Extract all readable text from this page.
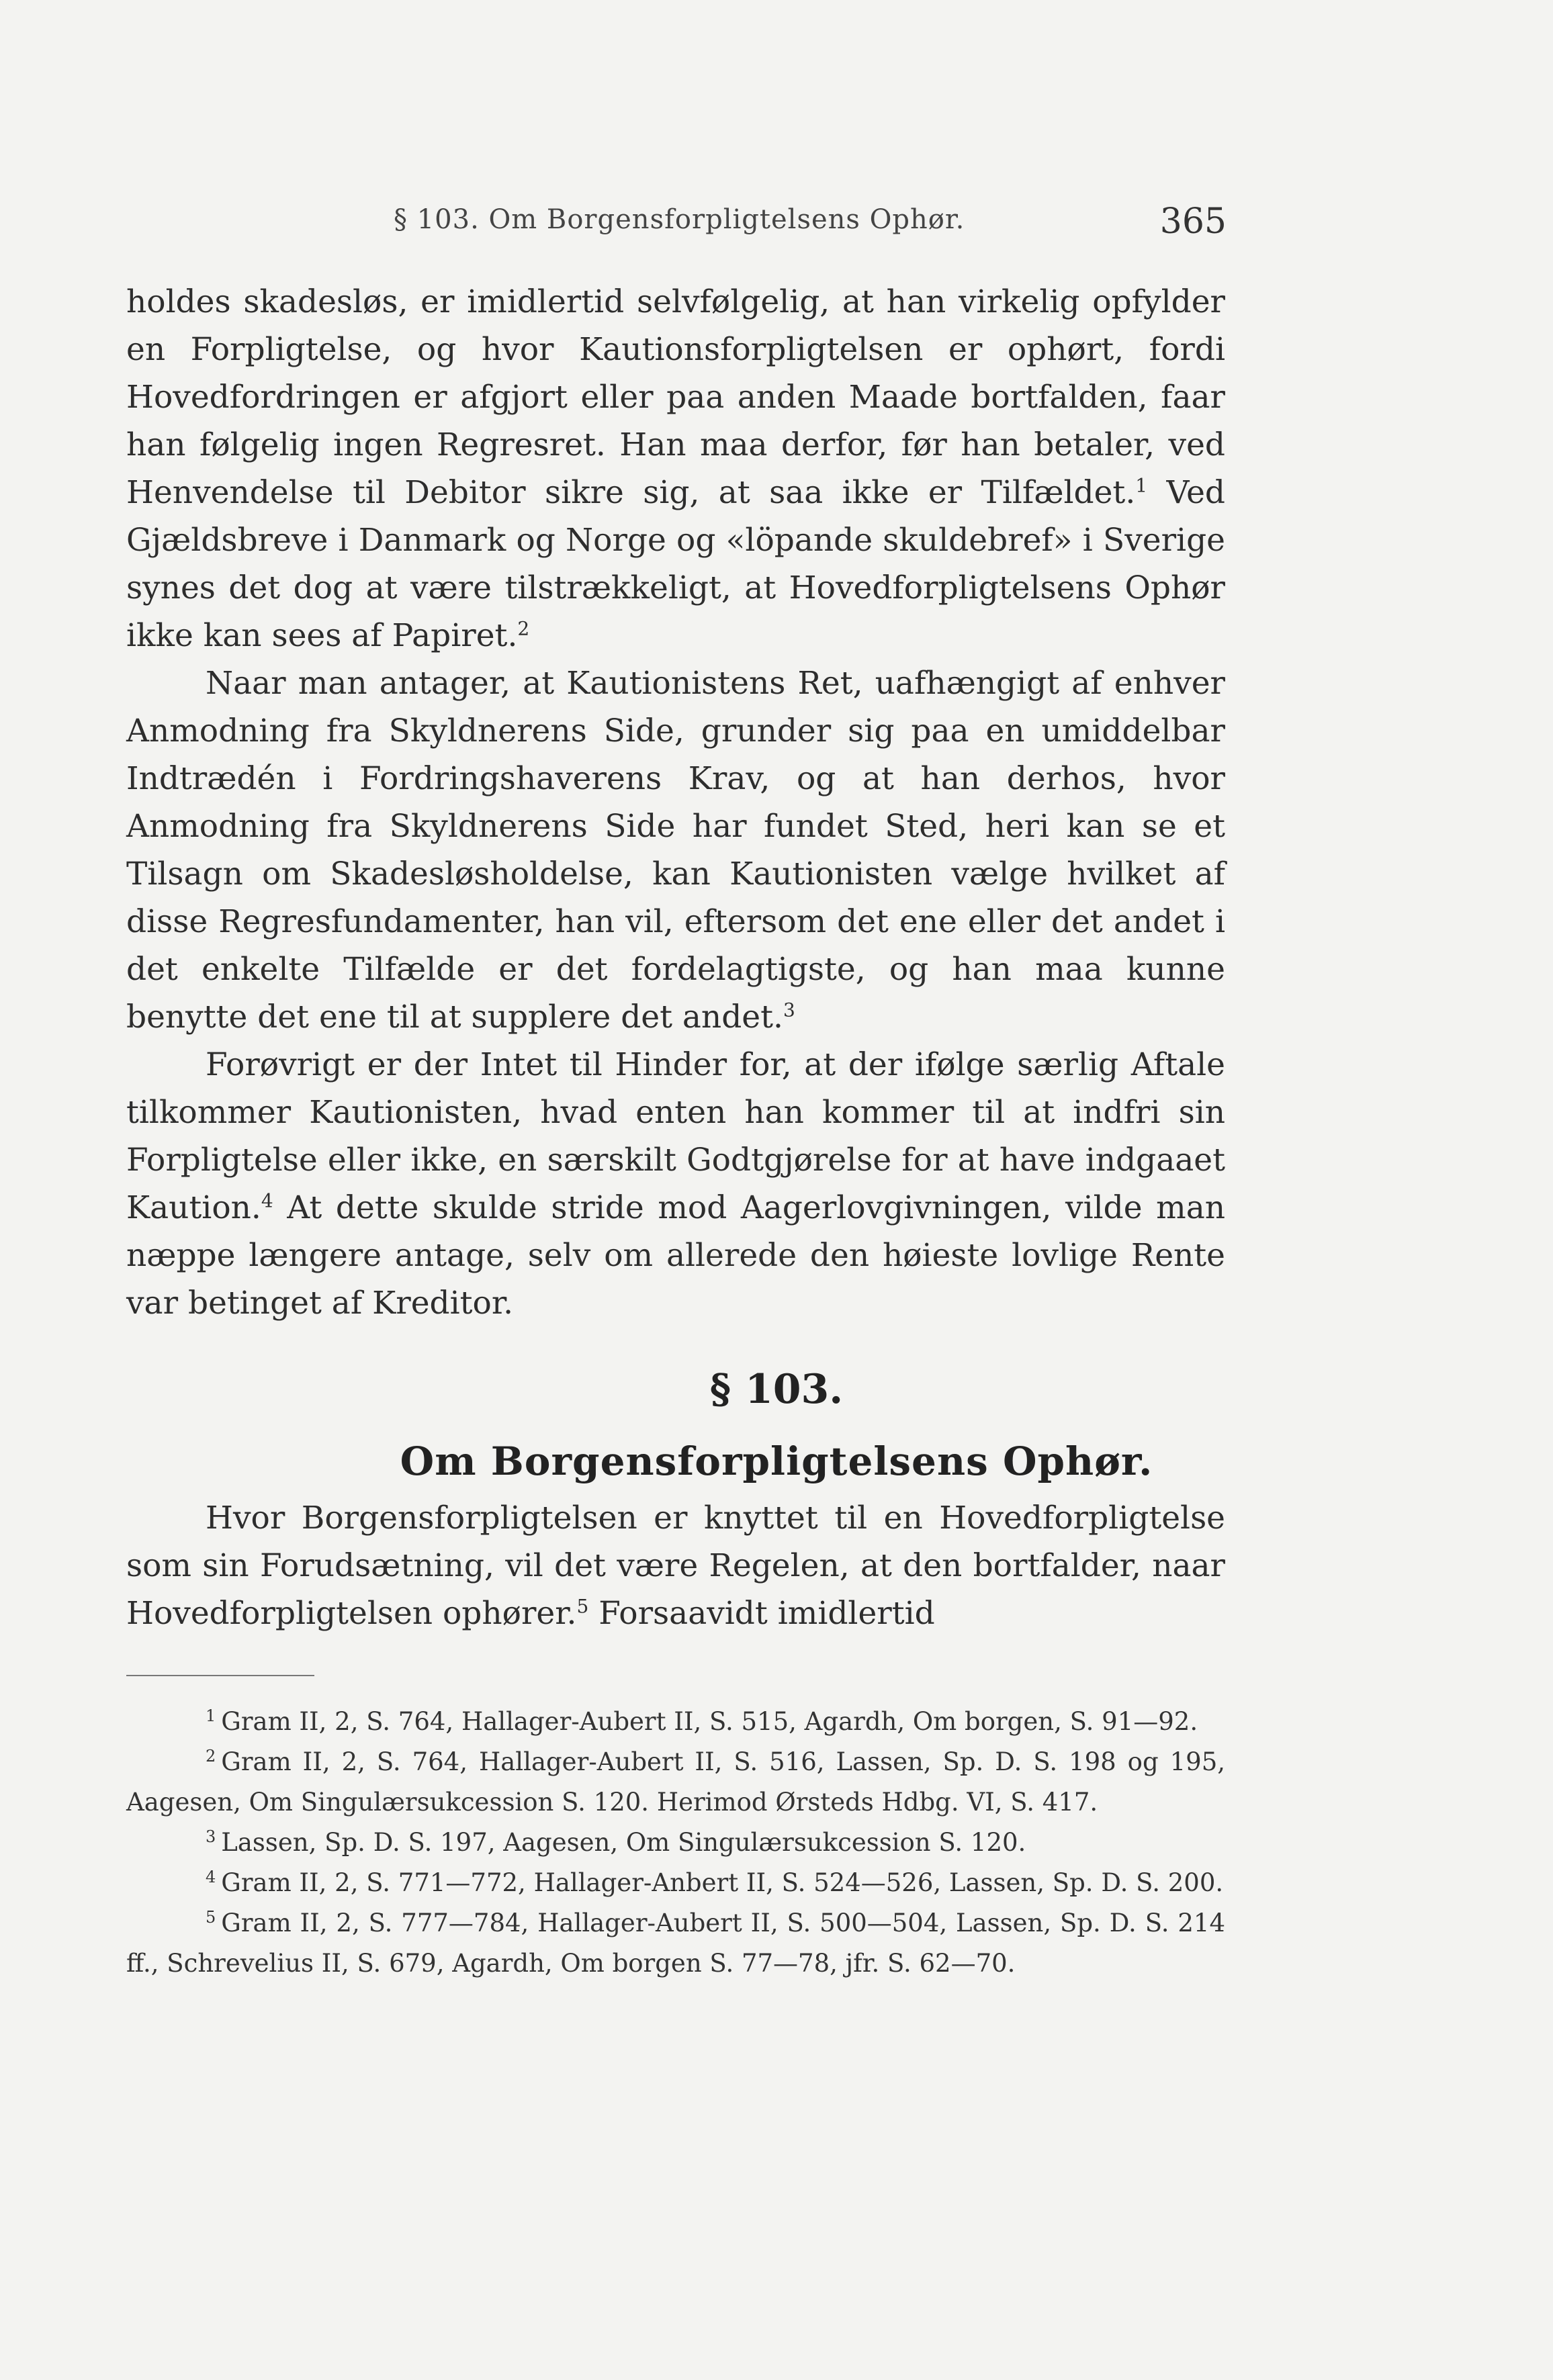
§ 103. Om Borgensforpligtelsens Ophør.	365

holdes skadesløs, er imidlertid selvfølgelig, at han virkelig opfylder en Forpligtelse, og hvor Kautionsforpligtelsen er ophørt, fordi Hovedfordringen er afgjort eller paa anden Maade bortfalden, faar han følgelig ingen Regresret. Han maa derfor, før han betaler, ved Henvendelse til Debitor sikre sig, at saa ikke er Tilfældet.$^1$ Ved Gjældsbreve i Danmark og Norge og «löpande skuldebref» i Sverige synes det dog at være tilstrækkeligt, at Hovedforpligtelsens Ophør ikke kan sees af Papiret.$^2$

Naar man antager, at Kautionistens Ret, uafhængigt af enhver Anmodning fra Skyldnerens Side, grunder sig paa en umiddelbar Indtrædén i Fordringshaverens Krav, og at han derhos, hvor Anmodning fra Skyldnerens Side har fundet Sted, heri kan se et Tilsagn om Skadesløsholdelse, kan Kautionisten vælge hvilket af disse Regresfundamenter, han vil, eftersom det ene eller det andet i det enkelte Tilfælde er det fordelagtigste, og han maa kunne benytte det ene til at supplere det andet.$^3$

Forøvrigt er der Intet til Hinder for, at der ifølge særlig Aftale tilkommer Kautionisten, hvad enten han kommer til at indfri sin Forpligtelse eller ikke, en særskilt Godtgjørelse for at have indgaaet Kaution.$^4$ At dette skulde stride mod Aagerlovgivningen, vilde man næppe længere antage, selv om allerede den høieste lovlige Rente var betinget af Kreditor.

§ 103.
Om Borgensforpligtelsens Ophør.

Hvor Borgensforpligtelsen er knyttet til en Hovedforpligtelse som sin Forudsætning, vil det være Regelen, at den bortfalder, naar Hovedforpligtelsen ophører.$^5$ Forsaavidt imidlertid

$^1$ Gram II, 2, S. 764, Hallager-Aubert II, S. 515, Agardh, Om borgen, S. 91—92.

$^2$ Gram II, 2, S. 764, Hallager-Aubert II, S. 516, Lassen, Sp. D. S. 198 og 195, Aagesen, Om Singulærsukcession S. 120. Herimod Ørsteds Hdbg. VI, S. 417.

$^3$ Lassen, Sp. D. S. 197, Aagesen, Om Singulærsukcession S. 120.

$^4$ Gram II, 2, S. 771—772, Hallager-Anbert II, S. 524—526, Lassen, Sp. D. S. 200.

$^5$ Gram II, 2, S. 777—784, Hallager-Aubert II, S. 500—504, Lassen, Sp. D. S. 214 ff., Schrevelius II, S. 679, Agardh, Om borgen S. 77—78, jfr. S. 62—70.
